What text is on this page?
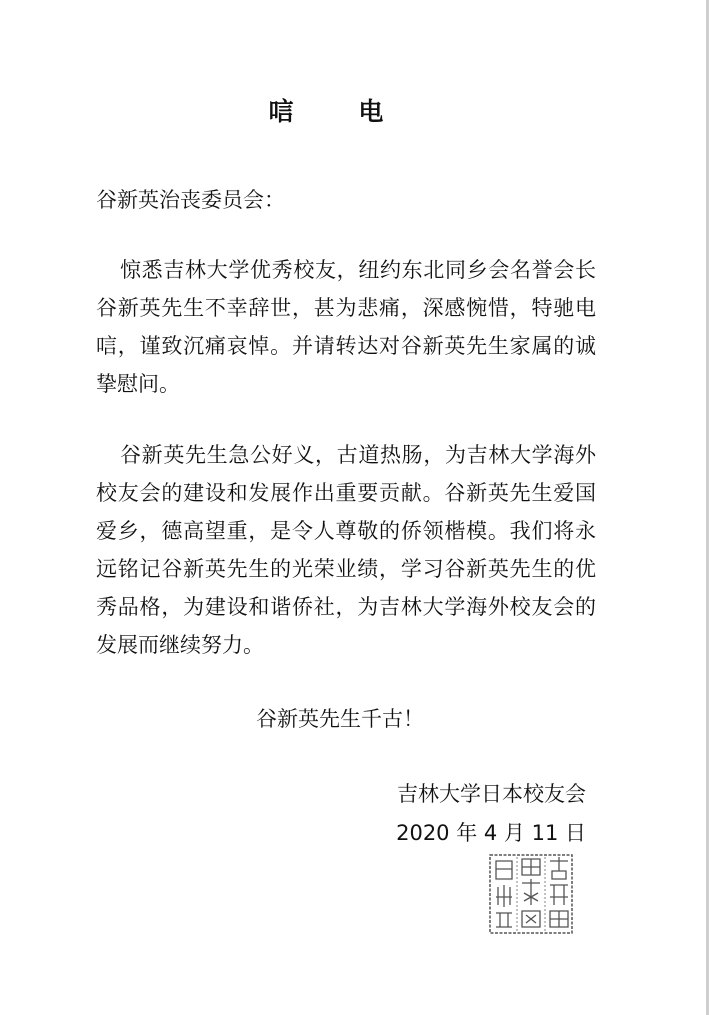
唁 电
谷新英治丧委员会：

惊悉吉林大学优秀校友，纽约东北同乡会名誉会长谷新英先生不幸辞世，甚为悲痛，深感惋惜，特驰电唁，谨致沉痛哀悼。并请转达对谷新英先生家属的诚挚慰问。

谷新英先生急公好义，古道热肠，为吉林大学海外校友会的建设和发展作出重要贡献。谷新英先生爱国爱乡，德高望重，是令人尊敬的侨领楷模。我们将永远铭记谷新英先生的光荣业绩，学习谷新英先生的优秀品格，为建设和谐侨社，为吉林大学海外校友会的发展而继续努力。

谷新英先生千古！
吉林大学日本校友会
2020 年 4 月 11 日
